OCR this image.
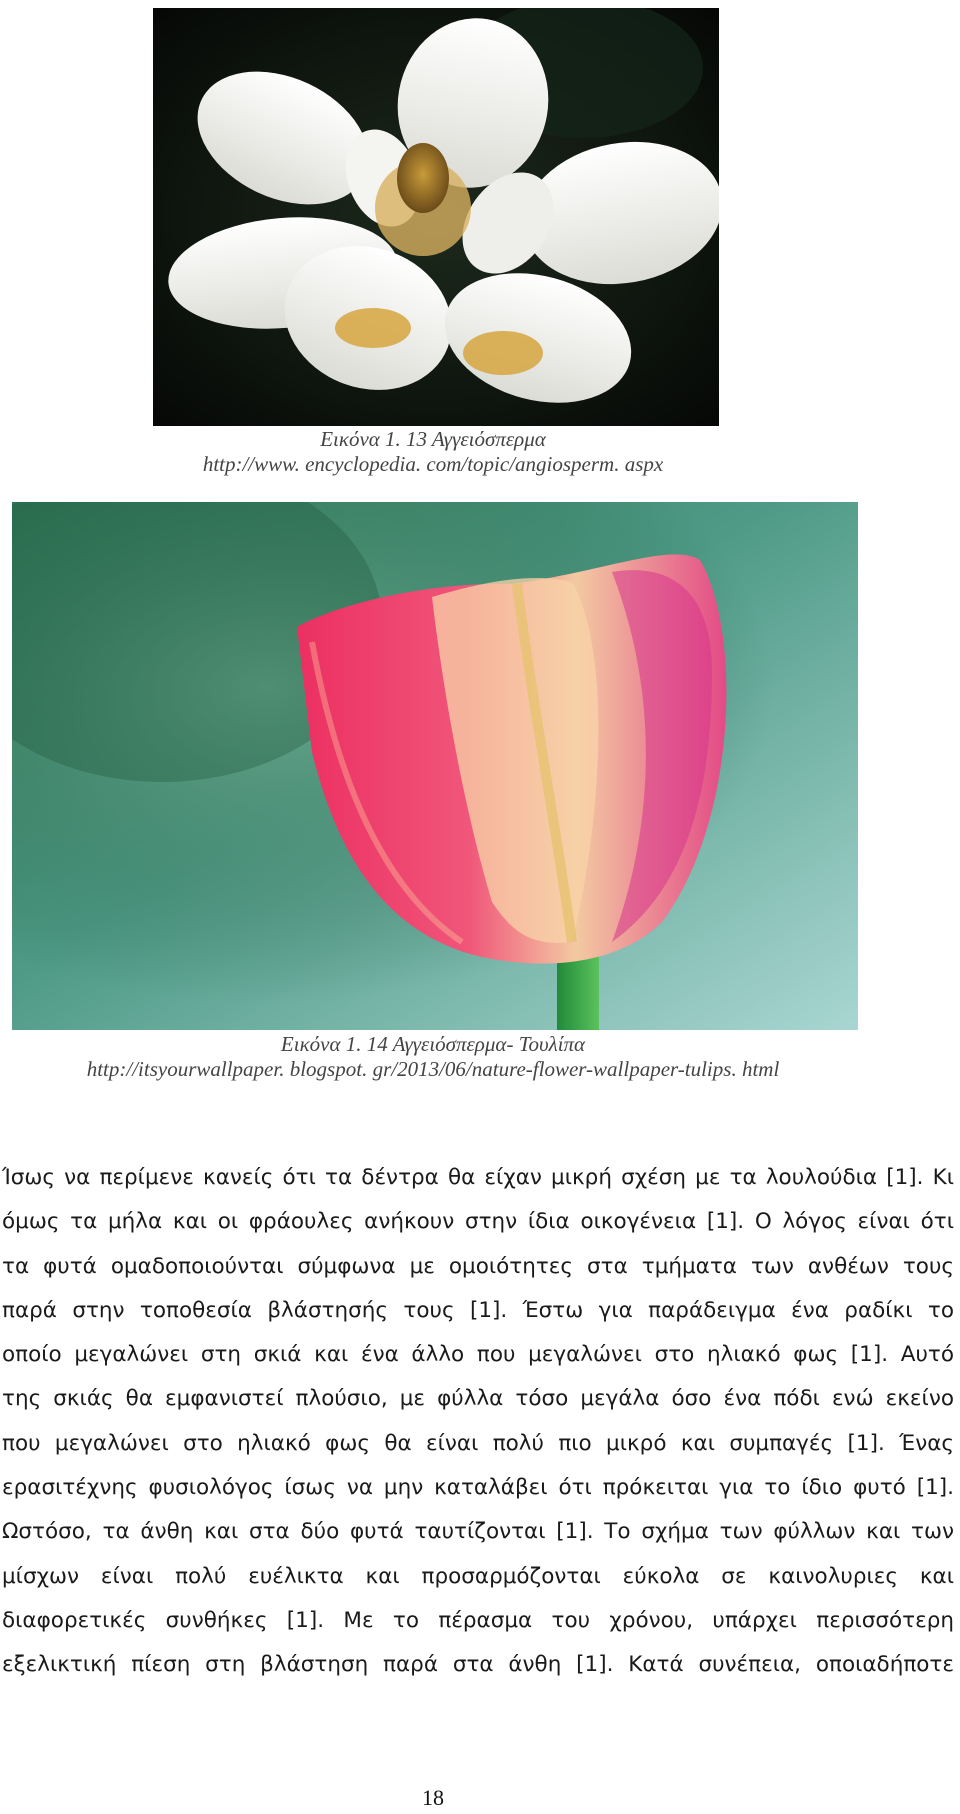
Εικόνα 1. 13 Αγγειόσπερμα
http://www. encyclopedia. com/topic/angiosperm. aspx
Εικόνα 1. 14 Αγγειόσπερμα- Τουλίπα
http://itsyourwallpaper. blogspot. gr/2013/06/nature-flower-wallpaper-tulips. html
Ίσως να περίμενε κανείς ότι τα δέντρα θα είχαν μικρή σχέση με τα λουλούδια [1]. Κι
όμως τα μήλα και οι φράουλες ανήκουν στην ίδια οικογένεια [1]. Ο λόγος είναι ότι
τα φυτά ομαδοποιούνται σύμφωνα με ομοιότητες στα τμήματα των ανθέων τους
παρά στην τοποθεσία βλάστησής τους [1]. Έστω για παράδειγμα ένα ραδίκι το
οποίο μεγαλώνει στη σκιά και ένα άλλο που μεγαλώνει στο ηλιακό φως [1]. Αυτό
της σκιάς θα εμφανιστεί πλούσιο, με φύλλα τόσο μεγάλα όσο ένα πόδι ενώ εκείνο
που μεγαλώνει στο ηλιακό φως θα είναι πολύ πιο μικρό και συμπαγές [1]. Ένας
ερασιτέχνης φυσιολόγος ίσως να μην καταλάβει ότι πρόκειται για το ίδιο φυτό [1].
Ωστόσο, τα άνθη και στα δύο φυτά ταυτίζονται [1]. Το σχήμα των φύλλων και των
μίσχων είναι πολύ ευέλικτα και προσαρμόζονται εύκολα σε καινολυριες και
διαφορετικές συνθήκες [1]. Με το πέρασμα του χρόνου, υπάρχει περισσότερη
εξελικτική πίεση στη βλάστηση παρά στα άνθη [1]. Κατά συνέπεια, οποιαδήποτε
18
